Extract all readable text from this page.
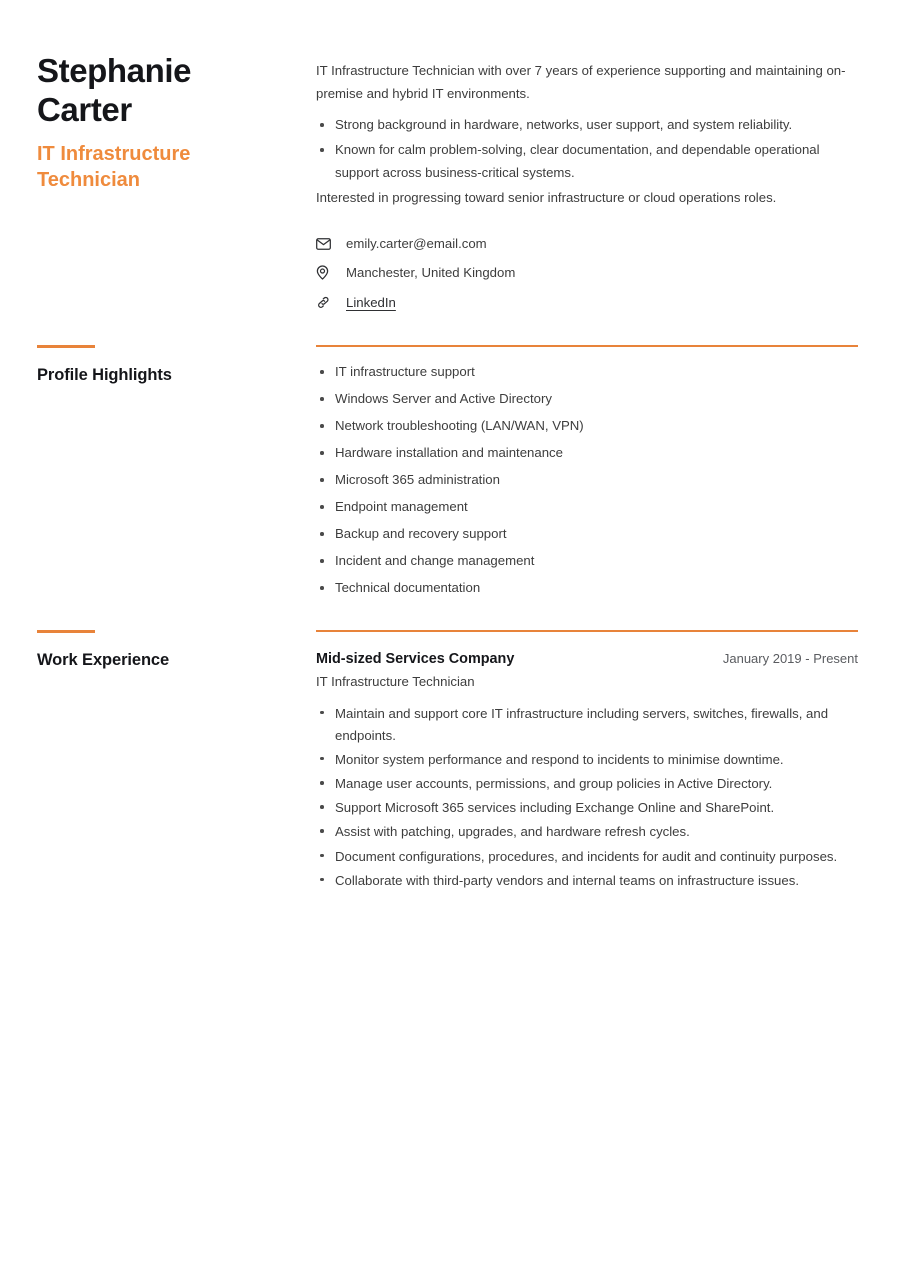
Stephanie
Carter
IT Infrastructure
Technician

IT Infrastructure Technician with over 7 years of experience supporting and maintaining on-premise and hybrid IT environments.

Strong background in hardware, networks, user support, and system reliability.
Known for calm problem-solving, clear documentation, and dependable operational support across business-critical systems.

Interested in progressing toward senior infrastructure or cloud operations roles.

emily.carter@email.com
Manchester, United Kingdom
LinkedIn
Profile Highlights	IT infrastructure support
Windows Server and Active Directory
Network troubleshooting (LAN/WAN, VPN)
Hardware installation and maintenance
Microsoft 365 administration
Endpoint management
Backup and recovery support
Incident and change management
Technical documentation
Work Experience	Mid-sized Services Company	January 2019 - Present
IT Infrastructure Technician
Maintain and support core IT infrastructure including servers, switches, firewalls, and endpoints.
Monitor system performance and respond to incidents to minimise downtime.
Manage user accounts, permissions, and group policies in Active Directory.
Support Microsoft 365 services including Exchange Online and SharePoint.
Assist with patching, upgrades, and hardware refresh cycles.
Document configurations, procedures, and incidents for audit and continuity purposes.
Collaborate with third-party vendors and internal teams on infrastructure issues.
